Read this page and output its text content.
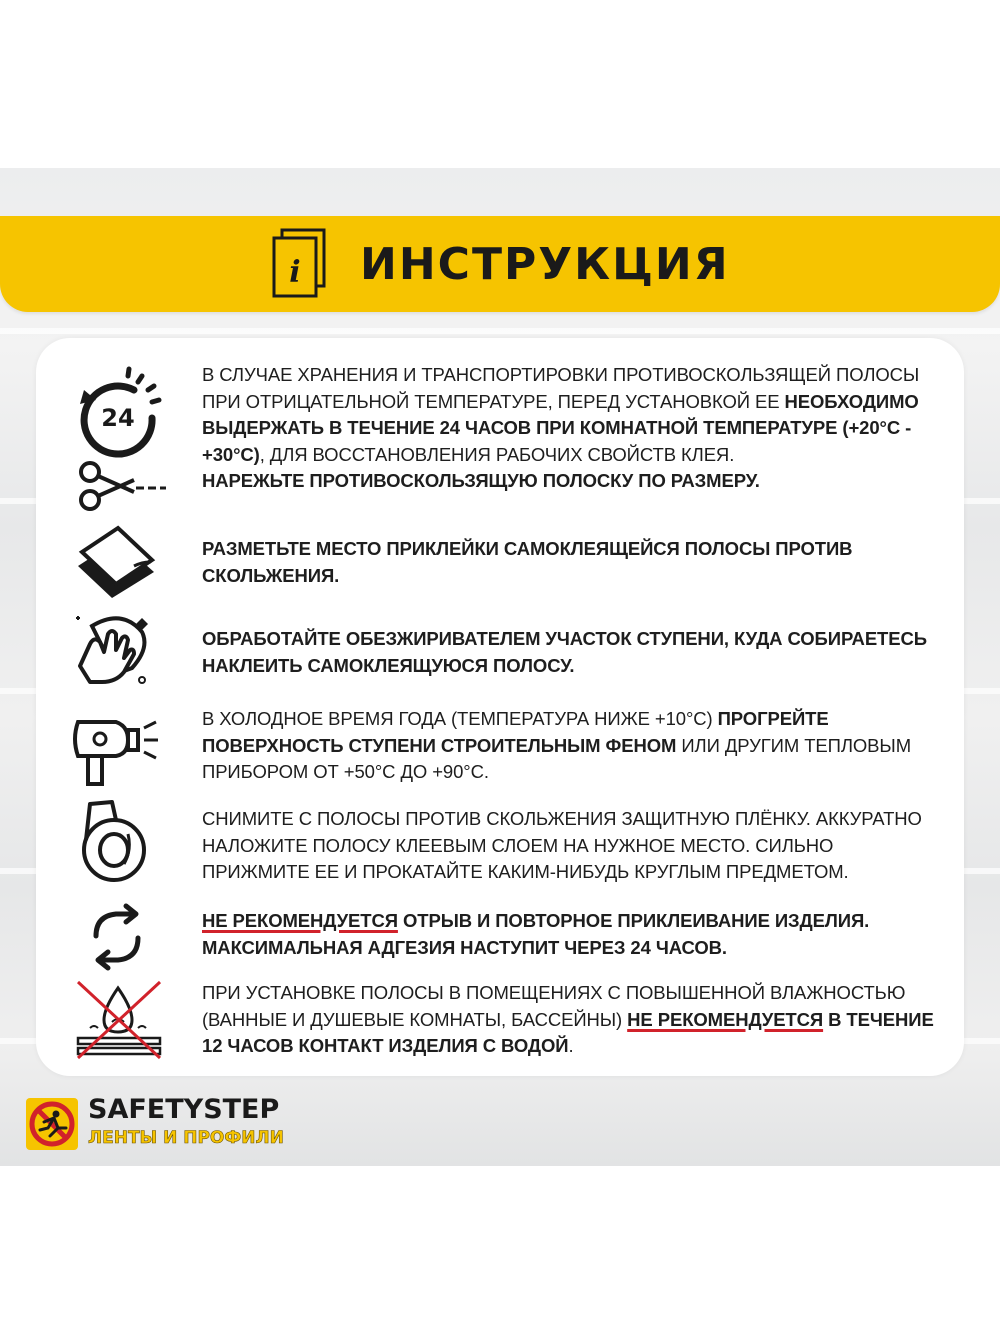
i ИНСТРУКЦИЯ
24
В СЛУЧАЕ ХРАНЕНИЯ И ТРАНСПОРТИРОВКИ ПРОТИВОСКОЛЬЗЯЩЕЙ ПОЛОСЫ ПРИ ОТРИЦАТЕЛЬНОЙ ТЕМПЕРАТУРЕ, ПЕРЕД УСТАНОВКОЙ ЕЕ НЕОБХОДИМО ВЫДЕРЖАТЬ В ТЕЧЕНИЕ 24 ЧАСОВ ПРИ КОМНАТНОЙ ТЕМПЕРАТУРЕ (+20°С - +30°С), ДЛЯ ВОССТАНОВЛЕНИЯ РАБОЧИХ СВОЙСТВ КЛЕЯ.
НАРЕЖЬТЕ ПРОТИВОСКОЛЬЗЯЩУЮ ПОЛОСКУ ПО РАЗМЕРУ.
РАЗМЕТЬТЕ МЕСТО ПРИКЛЕЙКИ САМОКЛЕЯЩЕЙСЯ ПОЛОСЫ ПРОТИВ СКОЛЬЖЕНИЯ.
ОБРАБОТАЙТЕ ОБЕЗЖИРИВАТЕЛЕМ УЧАСТОК СТУПЕНИ, КУДА СОБИРАЕТЕСЬ НАКЛЕИТЬ САМОКЛЕЯЩУЮСЯ ПОЛОСУ.
В ХОЛОДНОЕ ВРЕМЯ ГОДА (ТЕМПЕРАТУРА НИЖЕ +10°С) ПРОГРЕЙТЕ ПОВЕРХНОСТЬ СТУПЕНИ СТРОИТЕЛЬНЫМ ФЕНОМ ИЛИ ДРУГИМ ТЕПЛОВЫМ ПРИБОРОМ ОТ +50°С ДО +90°С.
СНИМИТЕ С ПОЛОСЫ ПРОТИВ СКОЛЬЖЕНИЯ ЗАЩИТНУЮ ПЛЁНКУ. АККУРАТНО НАЛОЖИТЕ ПОЛОСУ КЛЕЕВЫМ СЛОЕМ НА НУЖНОЕ МЕСТО. СИЛЬНО ПРИЖМИТЕ ЕЕ И ПРОКАТАЙТЕ КАКИМ-НИБУДЬ КРУГЛЫМ ПРЕДМЕТОМ.
НЕ РЕКОМЕНДУЕТСЯ ОТРЫВ И ПОВТОРНОЕ ПРИКЛЕИВАНИЕ ИЗДЕЛИЯ. МАКСИМАЛЬНАЯ АДГЕЗИЯ НАСТУПИТ ЧЕРЕЗ 24 ЧАСОВ.
ПРИ УСТАНОВКЕ ПОЛОСЫ В ПОМЕЩЕНИЯХ С ПОВЫШЕННОЙ ВЛАЖНОСТЬЮ (ВАННЫЕ И ДУШЕВЫЕ КОМНАТЫ, БАССЕЙНЫ) НЕ РЕКОМЕНДУЕТСЯ В ТЕЧЕНИЕ 12 ЧАСОВ КОНТАКТ ИЗДЕЛИЯ С ВОДОЙ.
SAFETYSTEP
ЛЕНТЫ И ПРОФИЛИ
